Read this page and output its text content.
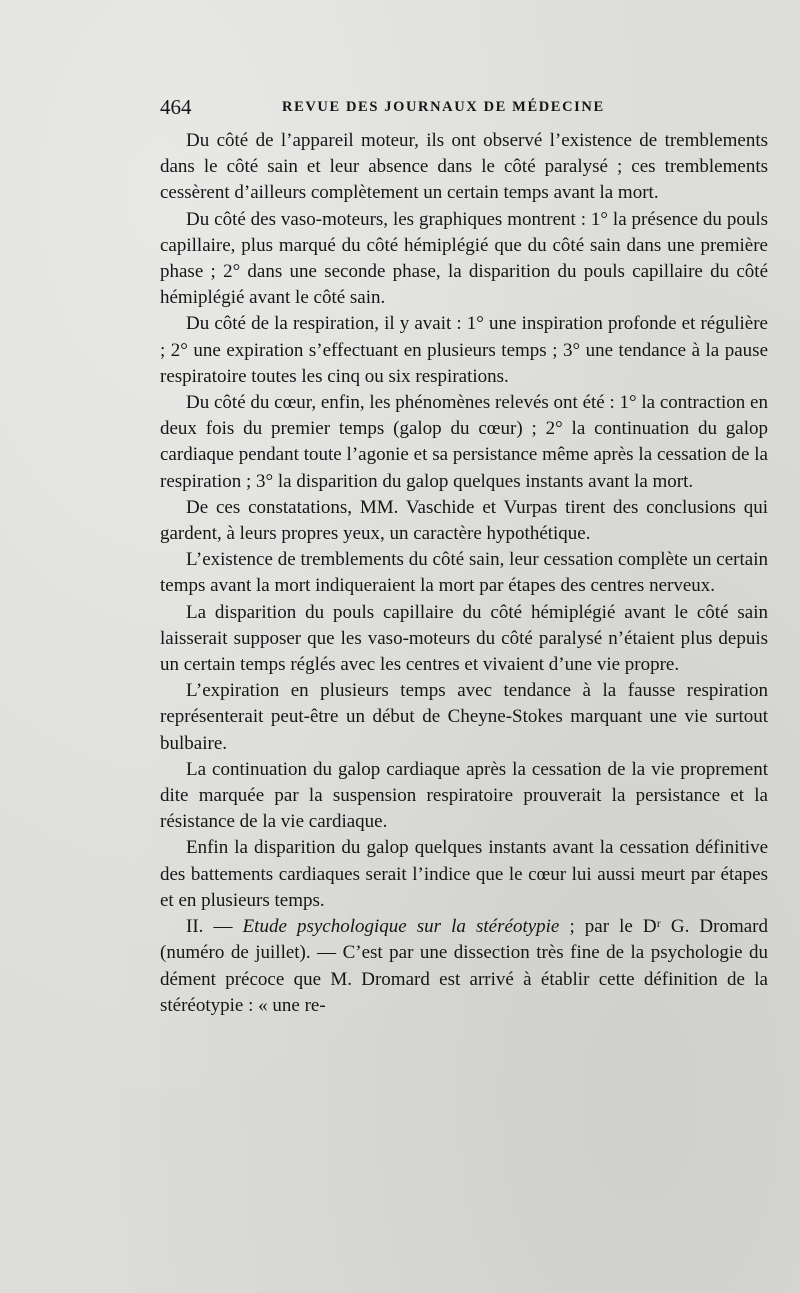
464	REVUE DES JOURNAUX DE MÉDECINE

Du côté de l’appareil moteur, ils ont observé l’existence de tremblements dans le côté sain et leur absence dans le côté paralysé ; ces tremblements cessèrent d’ailleurs complètement un certain temps avant la mort.

Du côté des vaso-moteurs, les graphiques montrent : 1° la présence du pouls capillaire, plus marqué du côté hémiplégié que du côté sain dans une première phase ; 2° dans une seconde phase, la disparition du pouls capillaire du côté hémiplégié avant le côté sain.

Du côté de la respiration, il y avait : 1° une inspiration profonde et régulière ; 2° une expiration s’effectuant en plusieurs temps ; 3° une tendance à la pause respiratoire toutes les cinq ou six respirations.

Du côté du cœur, enfin, les phénomènes relevés ont été : 1° la contraction en deux fois du premier temps (galop du cœur) ; 2° la continuation du galop cardiaque pendant toute l’agonie et sa persistance même après la cessation de la respiration ; 3° la disparition du galop quelques instants avant la mort.

De ces constatations, MM. Vaschide et Vurpas tirent des conclusions qui gardent, à leurs propres yeux, un caractère hypothétique.

L’existence de tremblements du côté sain, leur cessation complète un certain temps avant la mort indiqueraient la mort par étapes des centres nerveux.

La disparition du pouls capillaire du côté hémiplégié avant le côté sain laisserait supposer que les vaso-moteurs du côté paralysé n’étaient plus depuis un certain temps réglés avec les centres et vivaient d’une vie propre.

L’expiration en plusieurs temps avec tendance à la fausse respiration représenterait peut-être un début de Cheyne-Stokes marquant une vie surtout bulbaire.

La continuation du galop cardiaque après la cessation de la vie proprement dite marquée par la suspension respiratoire prouverait la persistance et la résistance de la vie cardiaque.

Enfin la disparition du galop quelques instants avant la cessation définitive des battements cardiaques serait l’indice que le cœur lui aussi meurt par étapes et en plusieurs temps.

II. — Etude psychologique sur la stéréotypie ; par le Dʳ G. Dromard (numéro de juillet). — C’est par une dissection très fine de la psychologie du dément précoce que M. Dromard est arrivé à établir cette définition de la stéréotypie : « une re-
